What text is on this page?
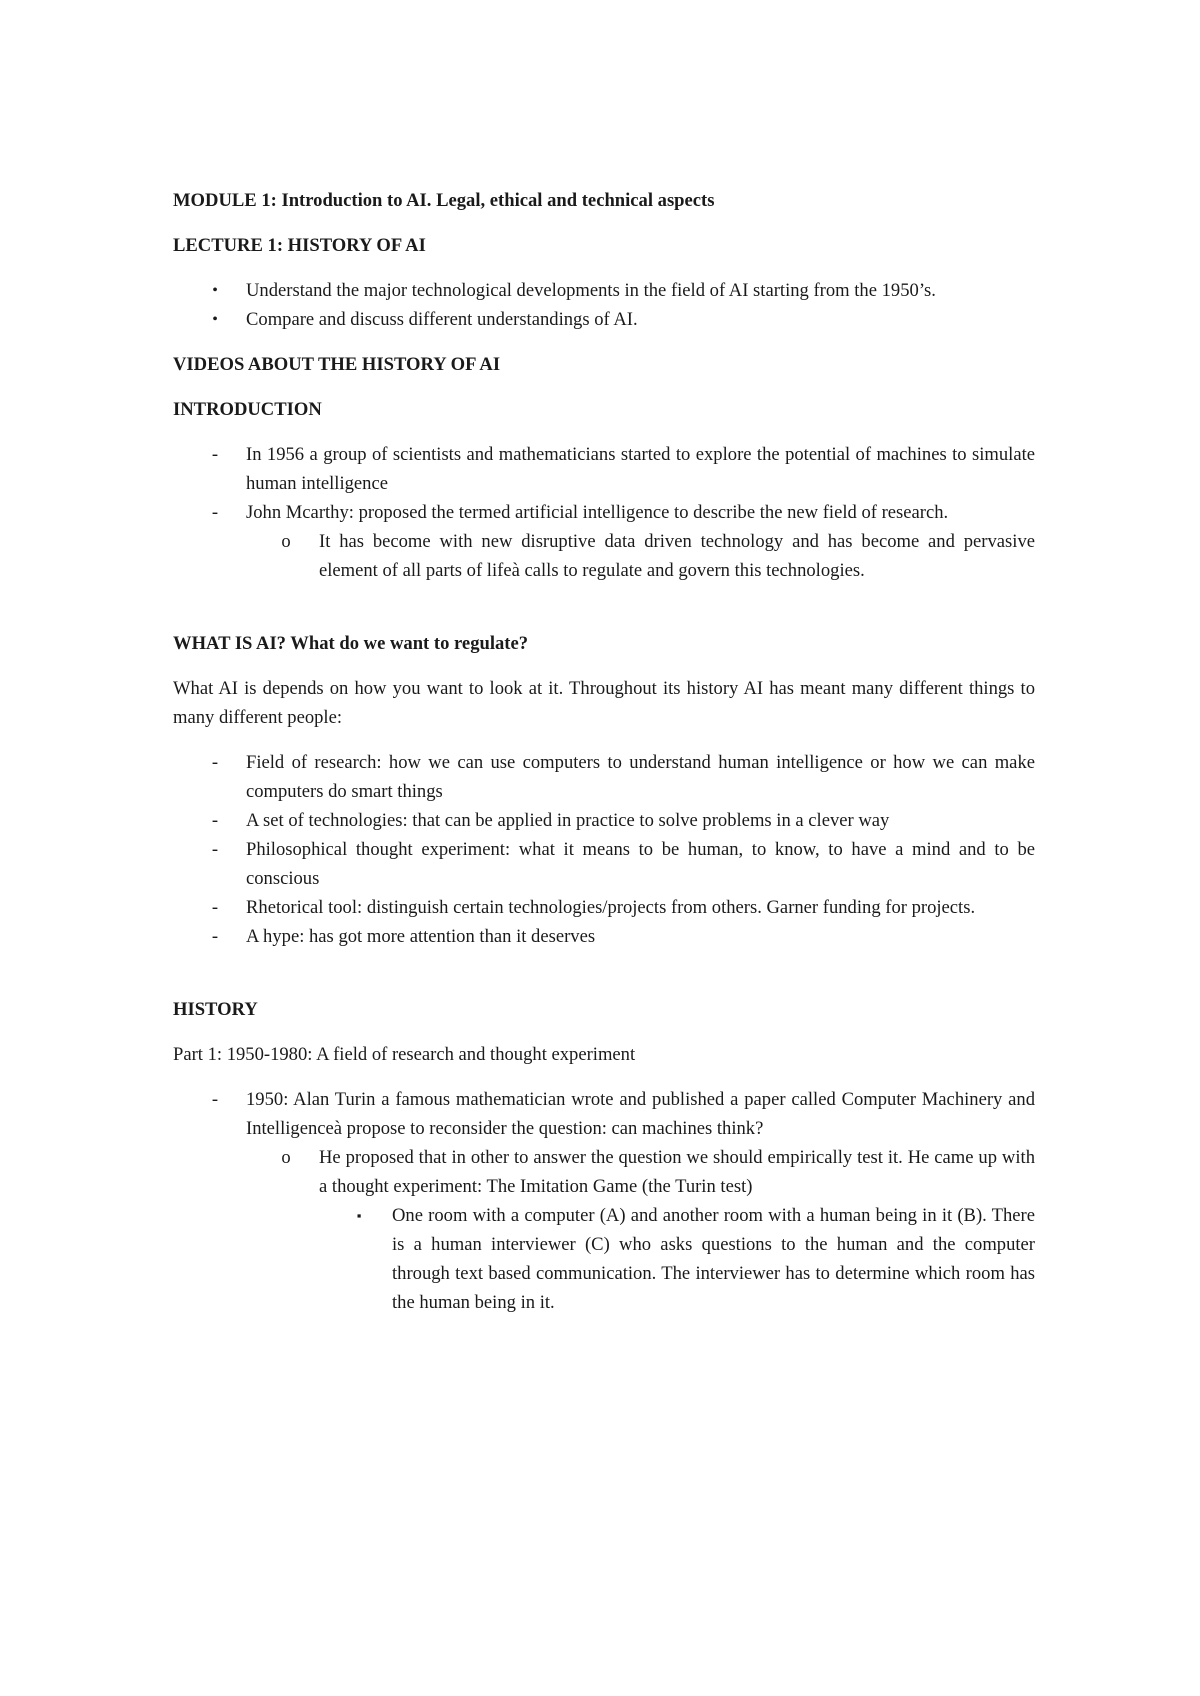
MODULE 1: Introduction to AI. Legal, ethical and technical aspects

LECTURE 1: HISTORY OF AI

•	Understand the major technological developments in the field of AI starting from the 1950’s.
•	Compare and discuss different understandings of AI.

VIDEOS ABOUT THE HISTORY OF AI

INTRODUCTION

-	In 1956 a group of scientists and mathematicians started to explore the potential of machines to simulate human intelligence
-	John Mcarthy: proposed the termed artificial intelligence to describe the new field of research.
o	It has become with new disruptive data driven technology and has become and pervasive element of all parts of lifeà calls to regulate and govern this technologies.

WHAT IS AI? What do we want to regulate?

What AI is depends on how you want to look at it. Throughout its history AI has meant many different things to many different people:

-	Field of research: how we can use computers to understand human intelligence or how we can make computers do smart things
-	A set of technologies: that can be applied in practice to solve problems in a clever way
-	Philosophical thought experiment: what it means to be human, to know, to have a mind and to be conscious
-	Rhetorical tool: distinguish certain technologies/projects from others. Garner funding for projects.
-	A hype: has got more attention than it deserves

HISTORY

Part 1: 1950-1980: A field of research and thought experiment

-	1950: Alan Turin a famous mathematician wrote and published a paper called Computer Machinery and Intelligenceà propose to reconsider the question: can machines think?
o	He proposed that in other to answer the question we should empirically test it. He came up with a thought experiment: The Imitation Game (the Turin test)
▪	One room with a computer (A) and another room with a human being in it (B). There is a human interviewer (C) who asks questions to the human and the computer through text based communication. The interviewer has to determine which room has the human being in it.
